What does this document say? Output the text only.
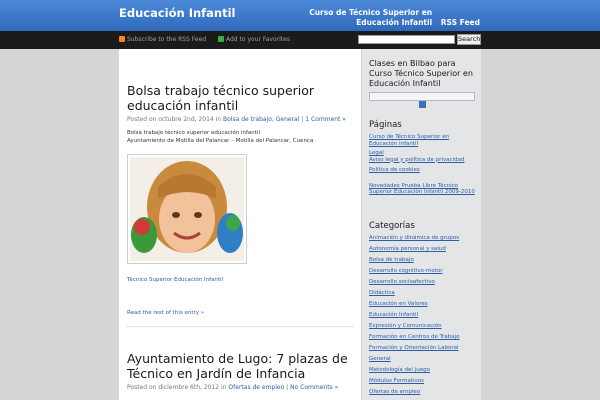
Educación Infantil	Curso de Técnico Superior en Educación Infantil RSS Feed
Subscribe to the RSS Feed	Add to your Favorites	Search
Bolsa trabajo técnico superior educación infantil
Posted on octubre 2nd, 2014 in Bolsa de trabajo, General | 1 Comment »
Bolsa trabajo técnico superior educación infantil
Ayuntamiento de Motilla del Palancar – Motilla del Palancar, Cuenca
Técnico Superior Educación Infantil
Read the rest of this entry »
Ayuntamiento de Lugo: 7 plazas de Técnico en Jardín de Infancia
Posted on diciembre 6th, 2012 in Ofertas de empleo | No Comments »
Clases en Bilbao para Curso Técnico Superior en Educación Infantil
Páginas
Curso de Técnico Superior en Educación Infantil
Legal
Aviso legal y política de privacidad
Política de cookies
Novedades Prueba Libre Técnico Superior Educación Infantil 2009-2010
Categorías
Animación y dinámica de grupos
Autonomía personal y salud
Bolsa de trabajo
Desarrollo cognitivo-motor
Desarrollo socioafectivo
Didáctica
Educación en Valores
Educación Infantil
Expresión y Comunicación
Formación en Centros de Trabajo
Formación y Orientación Laboral
General
Metodología del juego
Módulos Formativos
Ofertas de empleo
